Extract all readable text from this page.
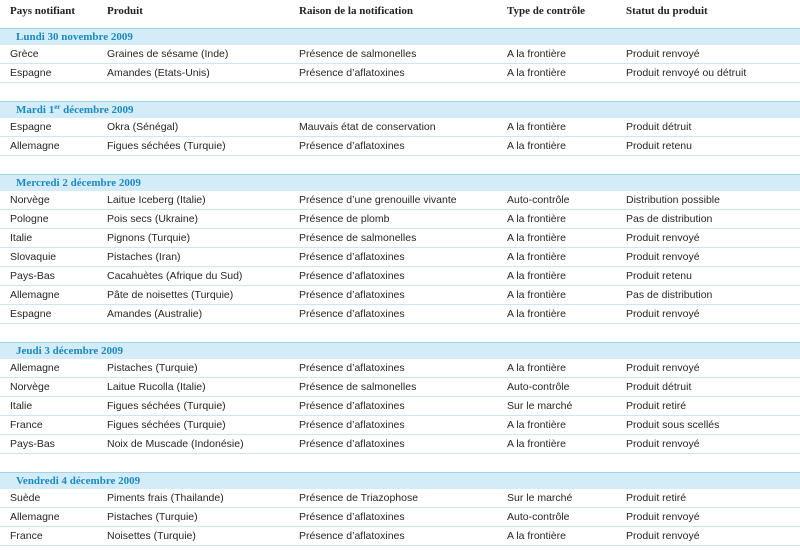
Pays notifiant	Produit	Raison de la notification	Type de contrôle	Statut du produit
Lundi 30 novembre 2009
Grèce	Graines de sésame (Inde)	Présence de salmonelles	A la frontière	Produit renvoyé
Espagne	Amandes (Etats-Unis)	Présence d’aflatoxines	A la frontière	Produit renvoyé ou détruit
Mardi 1er décembre 2009
Espagne	Okra (Sénégal)	Mauvais état de conservation	A la frontière	Produit détruit
Allemagne	Figues séchées (Turquie)	Présence d’aflatoxines	A la frontière	Produit retenu
Mercredi 2 décembre 2009
Norvège	Laitue Iceberg (Italie)	Présence d’une grenouille vivante	Auto-contrôle	Distribution possible
Pologne	Pois secs (Ukraine)	Présence de plomb	A la frontière	Pas de distribution
Italie	Pignons (Turquie)	Présence de salmonelles	A la frontière	Produit renvoyé
Slovaquie	Pistaches (Iran)	Présence d’aflatoxines	A la frontière	Produit renvoyé
Pays-Bas	Cacahuètes (Afrique du Sud)	Présence d’aflatoxines	A la frontière	Produit retenu
Allemagne	Pâte de noisettes (Turquie)	Présence d’aflatoxines	A la frontière	Pas de distribution
Espagne	Amandes (Australie)	Présence d’aflatoxines	A la frontière	Produit renvoyé
Jeudi 3 décembre 2009
Allemagne	Pistaches (Turquie)	Présence d’aflatoxines	A la frontière	Produit renvoyé
Norvège	Laitue Rucolla (Italie)	Présence de salmonelles	Auto-contrôle	Produit détruit
Italie	Figues séchées (Turquie)	Présence d’aflatoxines	Sur le marché	Produit retiré
France	Figues séchées (Turquie)	Présence d’aflatoxines	A la frontière	Produit sous scellés
Pays-Bas	Noix de Muscade (Indonésie)	Présence d’aflatoxines	A la frontière	Produit renvoyé
Vendredi 4 décembre 2009
Suède	Piments frais (Thailande)	Présence de Triazophose	Sur le marché	Produit retiré
Allemagne	Pistaches (Turquie)	Présence d’aflatoxines	Auto-contrôle	Produit renvoyé
France	Noisettes (Turquie)	Présence d’aflatoxines	A la frontière	Produit renvoyé
